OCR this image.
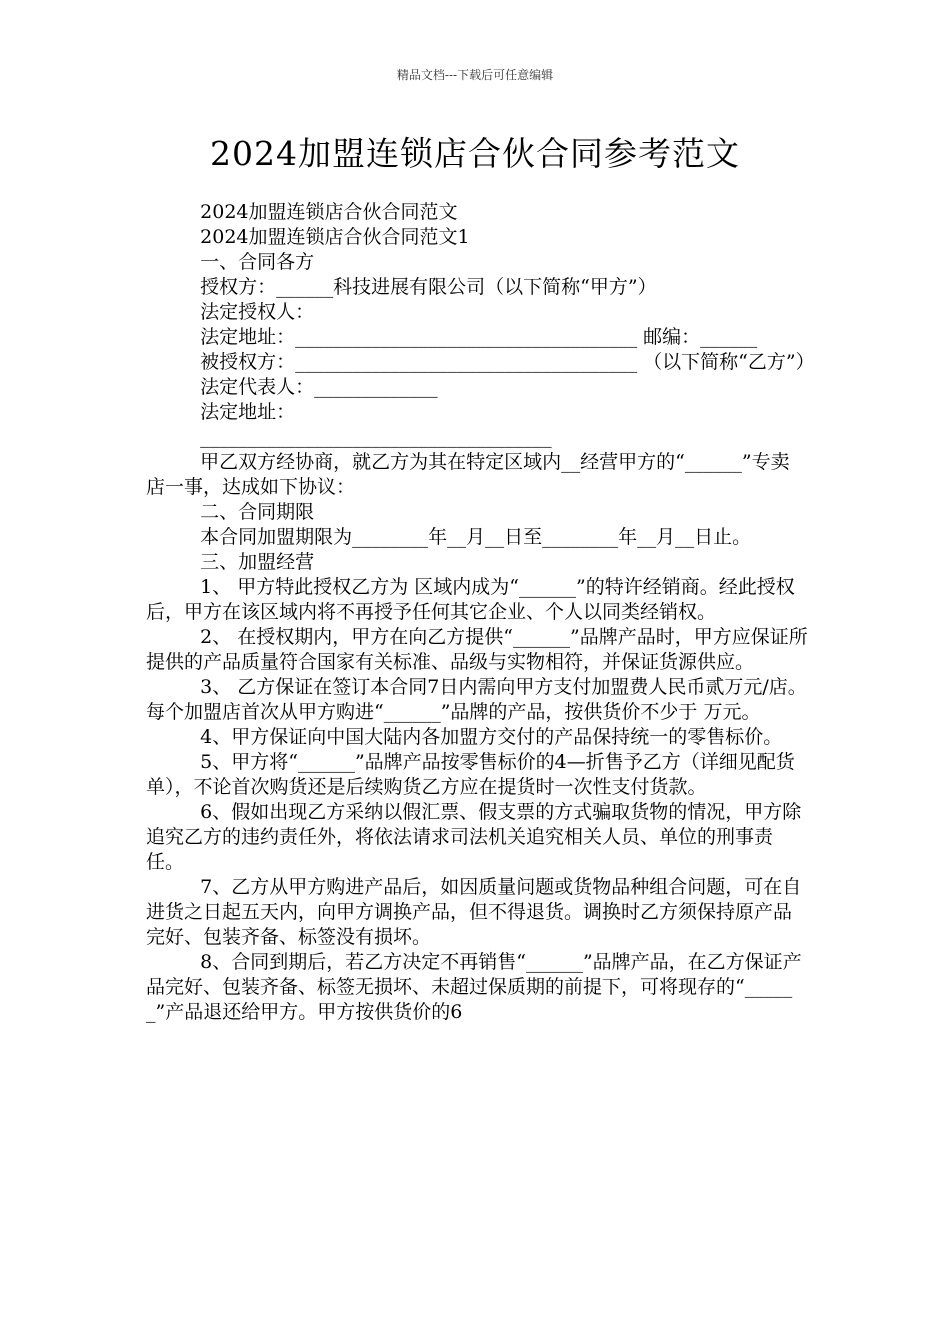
精品文档---下载后可任意编辑
2024加盟连锁店合伙合同参考范文

2024加盟连锁店合伙合同范文

2024加盟连锁店合伙合同范文1

一、合同各方

授权方：______科技进展有限公司（以下简称“甲方”）

法定授权人：

法定地址：____________________________________ 邮编：______

被授权方：____________________________________ （以下简称“乙方”）

法定代表人：_____________

法定地址：

_____________________________________

甲乙双方经协商，就乙方为其在特定区域内__经营甲方的“______”专卖店一事，达成如下协议：

二、合同期限

本合同加盟期限为________年__月__日至________年__月__日止。

三、加盟经营

1、 甲方特此授权乙方为 区域内成为“______”的特许经销商。经此授权后，甲方在该区域内将不再授予任何其它企业、个人以同类经销权。

2、 在授权期内，甲方在向乙方提供“______”品牌产品时，甲方应保证所提供的产品质量符合国家有关标准、品级与实物相符，并保证货源供应。

3、 乙方保证在签订本合同7日内需向甲方支付加盟费人民币贰万元/店。每个加盟店首次从甲方购进“______”品牌的产品，按供货价不少于 万元。

4、甲方保证向中国大陆内各加盟方交付的产品保持统一的零售标价。

5、甲方将“______”品牌产品按零售标价的4—折售予乙方（详细见配货单），不论首次购货还是后续购货乙方应在提货时一次性支付货款。

6、假如出现乙方采纳以假汇票、假支票的方式骗取货物的情况，甲方除追究乙方的违约责任外，将依法请求司法机关追究相关人员、单位的刑事责任。

7、乙方从甲方购进产品后，如因质量问题或货物品种组合问题，可在自进货之日起五天内，向甲方调换产品，但不得退货。调换时乙方须保持原产品完好、包装齐备、标签没有损坏。

8、合同到期后，若乙方决定不再销售“______”品牌产品，在乙方保证产品完好、包装齐备、标签无损坏、未超过保质期的前提下，可将现存的“______”产品退还给甲方。甲方按供货价的6
